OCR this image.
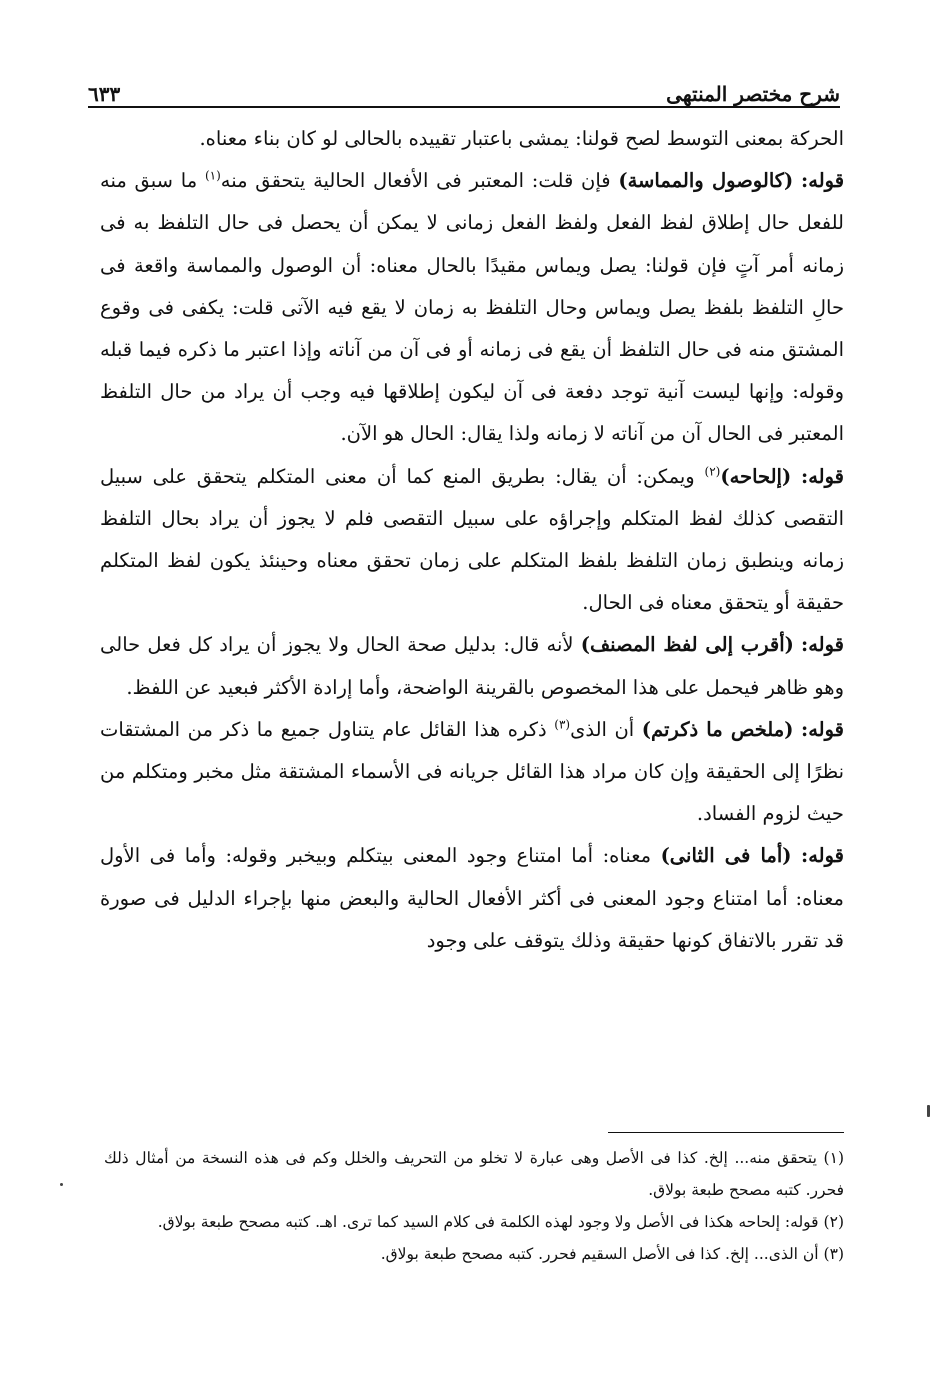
شرح مختصر المنتهى
٦٣٣

الحركة بمعنى التوسط لصح قولنا: يمشى باعتبار تقييده بالحالى لو كان بناء معناه.

قوله: (كالوصول والمماسة) فإن قلت: المعتبر فى الأفعال الحالية يتحقق منه$^{(١)}$ ما سبق منه للفعل حال إطلاق لفظ الفعل ولفظ الفعل زمانى لا يمكن أن يحصل فى حال التلفظ به فى زمانه أمر آتٍ فإن قولنا: يصل ويماس مقيدًا بالحال معناه: أن الوصول والمماسة واقعة فى حالِ التلفظ بلفظ يصل ويماس وحال التلفظ به زمان لا يقع فيه الآتى قلت: يكفى فى وقوع المشتق منه فى حال التلفظ أن يقع فى زمانه أو فى آن من آناته وإذا اعتبر ما ذكره فيما قبله وقوله: وإنها ليست آنية توجد دفعة فى آن ليكون إطلاقها فيه وجب أن يراد من حال التلفظ المعتبر فى الحال آن من آناته لا زمانه ولذا يقال: الحال هو الآن.

قوله: (إلحاحه)$^{(٢)}$ ويمكن: أن يقال: بطريق المنع كما أن معنى المتكلم يتحقق على سبيل التقصى كذلك لفظ المتكلم وإجراؤه على سبيل التقصى فلم لا يجوز أن يراد بحال التلفظ زمانه وينطبق زمان التلفظ بلفظ المتكلم على زمان تحقق معناه وحينئذ يكون لفظ المتكلم حقيقة أو يتحقق معناه فى الحال.

قوله: (أقرب إلى لفظ المصنف) لأنه قال: بدليل صحة الحال ولا يجوز أن يراد كل فعل حالى وهو ظاهر فيحمل على هذا المخصوص بالقرينة الواضحة، وأما إرادة الأكثر فبعيد عن اللفظ.

قوله: (ملخص ما ذكرتم) أن الذى$^{(٣)}$ ذكره هذا القائل عام يتناول جميع ما ذكر من المشتقات نظرًا إلى الحقيقة وإن كان مراد هذا القائل جريانه فى الأسماء المشتقة مثل مخبر ومتكلم من حيث لزوم الفساد.

قوله: (أما فى الثانى) معناه: أما امتناع وجود المعنى بيتكلم وبيخبر وقوله: وأما فى الأول معناه: أما امتناع وجود المعنى فى أكثر الأفعال الحالية والبعض منها بإجراء الدليل فى صورة قد تقرر بالاتفاق كونها حقيقة وذلك يتوقف على وجود

(١) يتحقق منه... إلخ. كذا فى الأصل وهى عبارة لا تخلو من التحريف والخلل وكم فى هذه النسخة من أمثال ذلك فحرر. كتبه مصحح طبعة بولاق.

(٢) قوله: إلحاحه هكذا فى الأصل ولا وجود لهذه الكلمة فى كلام السيد كما ترى. اهـ. كتبه مصحح طبعة بولاق.

(٣) أن الذى... إلخ. كذا فى الأصل السقيم فحرر. كتبه مصحح طبعة بولاق.
